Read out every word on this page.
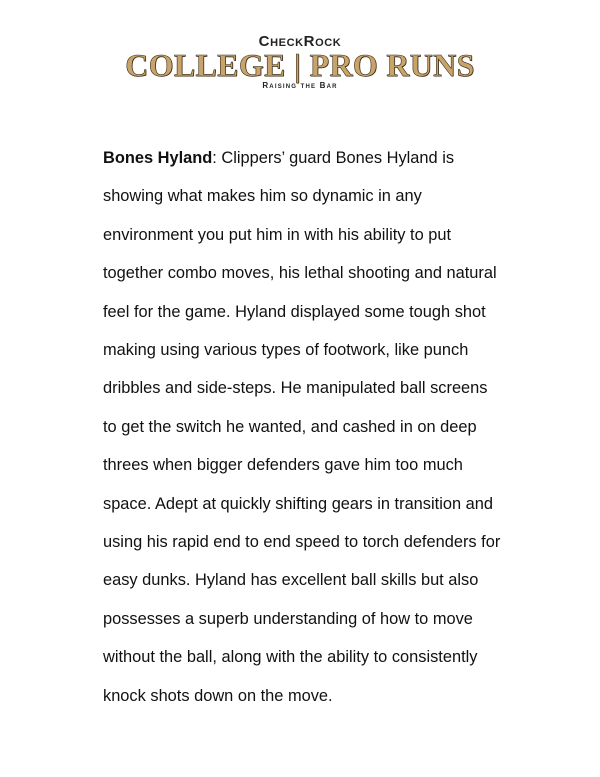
CheckRock
COLLEGE | PRO RUNS
Raising the Bar

Bones Hyland: Clippers’ guard Bones Hyland is showing what makes him so dynamic in any environment you put him in with his ability to put together combo moves, his lethal shooting and natural feel for the game. Hyland displayed some tough shot making using various types of footwork, like punch dribbles and side-steps. He manipulated ball screens to get the switch he wanted, and cashed in on deep threes when bigger defenders gave him too much space. Adept at quickly shifting gears in transition and using his rapid end to end speed to torch defenders for easy dunks. Hyland has excellent ball skills but also possesses a superb understanding of how to move without the ball, along with the ability to consistently knock shots down on the move.
